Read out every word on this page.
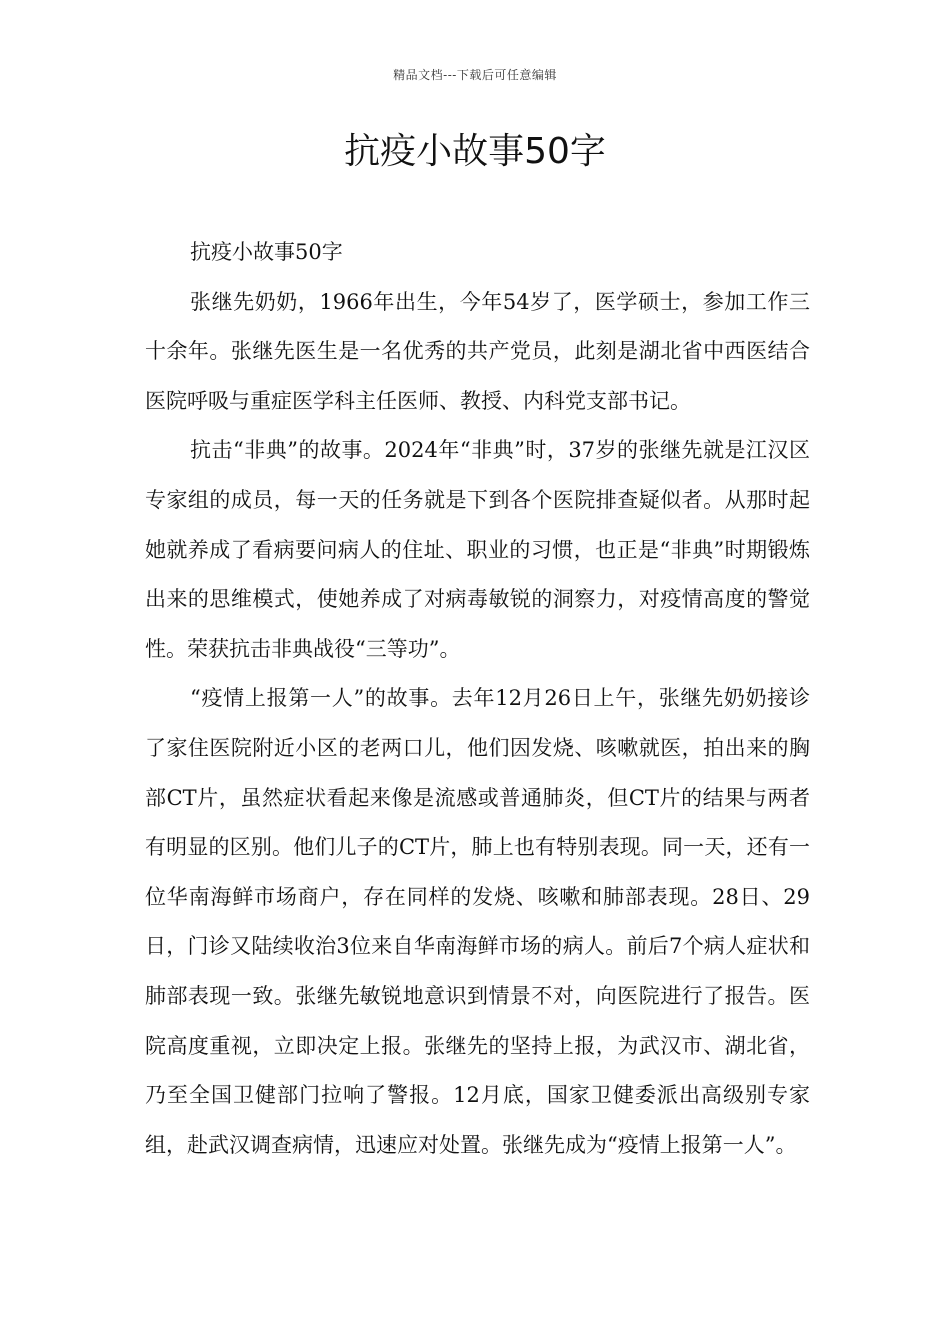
精品文档---下载后可任意编辑
抗疫小故事50字

抗疫小故事50字

张继先奶奶，1966年出生，今年54岁了，医学硕士，参加工作三十余年。张继先医生是一名优秀的共产党员，此刻是湖北省中西医结合医院呼吸与重症医学科主任医师、教授、内科党支部书记。

抗击“非典”的故事。2024年“非典”时，37岁的张继先就是江汉区专家组的成员，每一天的任务就是下到各个医院排查疑似者。从那时起她就养成了看病要问病人的住址、职业的习惯，也正是“非典”时期锻炼出来的思维模式，使她养成了对病毒敏锐的洞察力，对疫情高度的警觉性。荣获抗击非典战役“三等功”。

“疫情上报第一人”的故事。去年12月26日上午，张继先奶奶接诊了家住医院附近小区的老两口儿，他们因发烧、咳嗽就医，拍出来的胸部CT片，虽然症状看起来像是流感或普通肺炎，但CT片的结果与两者有明显的区别。他们儿子的CT片，肺上也有特别表现。同一天，还有一位华南海鲜市场商户，存在同样的发烧、咳嗽和肺部表现。28日、29日，门诊又陆续收治3位来自华南海鲜市场的病人。前后7个病人症状和肺部表现一致。张继先敏锐地意识到情景不对，向医院进行了报告。医院高度重视，立即决定上报。张继先的坚持上报，为武汉市、湖北省，乃至全国卫健部门拉响了警报。12月底，国家卫健委派出高级别专家组，赴武汉调查病情，迅速应对处置。张继先成为“疫情上报第一人”。
